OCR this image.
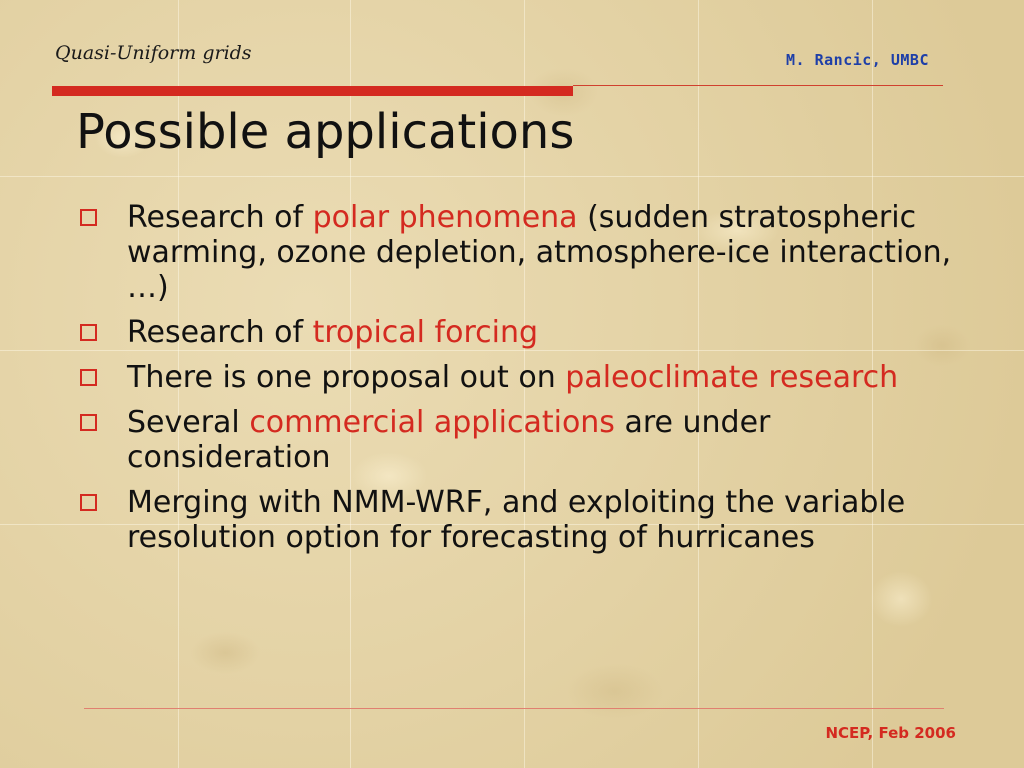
Quasi-Uniform grids	M. Rancic, UMBC

Possible applications
Research of polar phenomena (sudden stratospheric warming, ozone depletion, atmosphere-ice interaction, …)
Research of tropical forcing
There is one proposal out on paleoclimate research
Several commercial applications are under consideration
Merging with NMM-WRF, and exploiting the variable resolution option for forecasting of hurricanes

NCEP, Feb 2006
